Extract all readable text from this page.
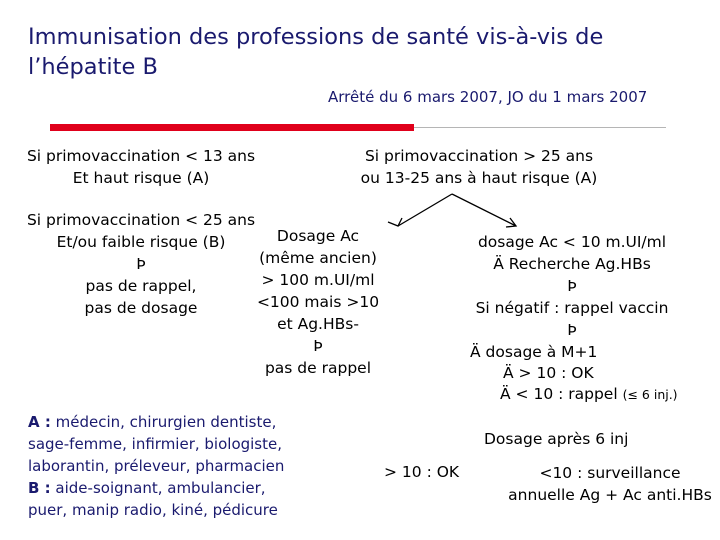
Immunisation des professions de santé vis-à-vis de l’hépatite B
Arrêté du 6 mars 2007, JO du 1 mars 2007
Si primovaccination < 13 ans
Et haut risque (A)
Si primovaccination < 25 ans
Et/ou faible risque (B)
Þ
pas de rappel,
pas de dosage
Si primovaccination > 25 ans
ou 13-25 ans à haut risque (A)
Dosage Ac
(même ancien)
> 100 m.UI/ml
<100 mais >10
et Ag.HBs-
Þ
pas de rappel
dosage Ac < 10 m.UI/ml
Ä Recherche Ag.HBs
Þ
Si négatif : rappel vaccin
Þ
Ä dosage à M+1
Ä > 10 : OK
Ä < 10 : rappel (≤ 6 inj.)
A : médecin, chirurgien dentiste,
sage-femme, infirmier, biologiste,
laborantin, préleveur, pharmacien
B : aide-soignant, ambulancier,
puer, manip radio, kiné, pédicure
Dosage après 6 inj
> 10 : OK	<10 : surveillance
annuelle Ag + Ac anti.HBs
